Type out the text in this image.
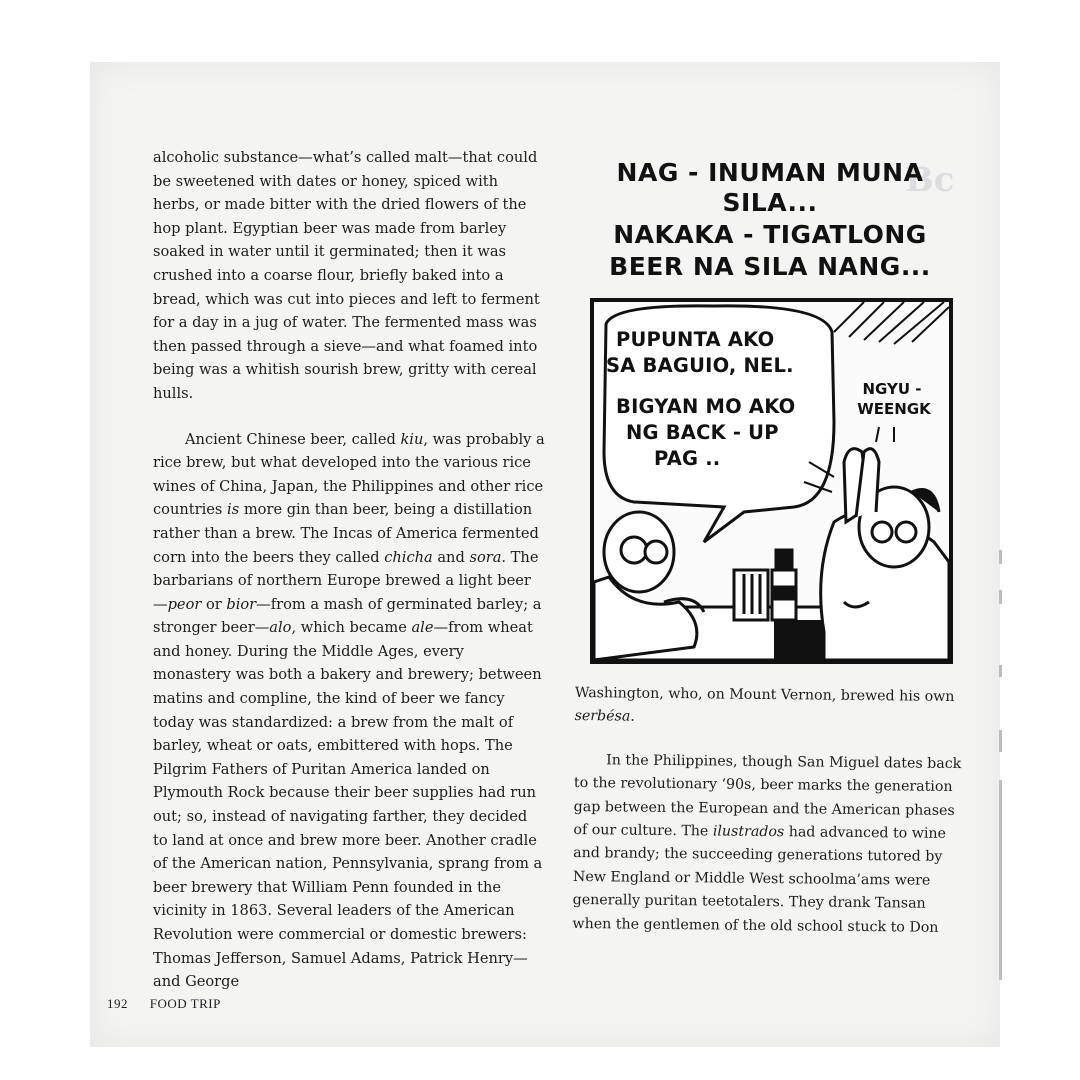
Bc

alcoholic substance—what’s called malt—that could be sweetened with dates or honey, spiced with herbs, or made bitter with the dried flowers of the hop plant. Egyptian beer was made from barley soaked in water until it germinated; then it was crushed into a coarse flour, briefly baked into a bread, which was cut into pieces and left to ferment for a day in a jug of water. The fermented mass was then passed through a sieve—and what foamed into being was a whitish sourish brew, gritty with cereal hulls.

Ancient Chinese beer, called kiu, was probably a rice brew, but what developed into the various rice wines of China, Japan, the Philippines and other rice countries is more gin than beer, being a distillation rather than a brew. The Incas of America fermented corn into the beers they called chicha and sora. The barbarians of northern Europe brewed a light beer—peor or bior—from a mash of germinated barley; a stronger beer—alo, which became ale—from wheat and honey. During the Middle Ages, every monastery was both a bakery and brewery; between matins and compline, the kind of beer we fancy today was standardized: a brew from the malt of barley, wheat or oats, embittered with hops. The Pilgrim Fathers of Puritan America landed on Plymouth Rock because their beer supplies had run out; so, instead of navigating farther, they decided to land at once and brew more beer. Another cradle of the American nation, Pennsylvania, sprang from a beer brewery that William Penn founded in the vicinity in 1863. Several leaders of the American Revolution were commercial or domestic brewers: Thomas Jefferson, Samuel Adams, Patrick Henry—and George

NAG - INUMAN MUNA
SILA...
NAKAKA - TIGATLONG
BEER NA SILA NANG...
PUPUNTA AKO
SA BAGUIO, NEL.
BIGYAN MO AKO
NG BACK - UP
PAG ..
NGYU -
WEENGK

Washington, who, on Mount Vernon, brewed his own serbésa.

In the Philippines, though San Miguel dates back to the revolutionary ‘90s, beer marks the generation gap between the European and the American phases of our culture. The ilustrados had advanced to wine and brandy; the succeeding generations tutored by New England or Middle West schoolma’ams were generally puritan teetotalers. They drank Tansan when the gentlemen of the old school stuck to Don

192 FOOD TRIP
